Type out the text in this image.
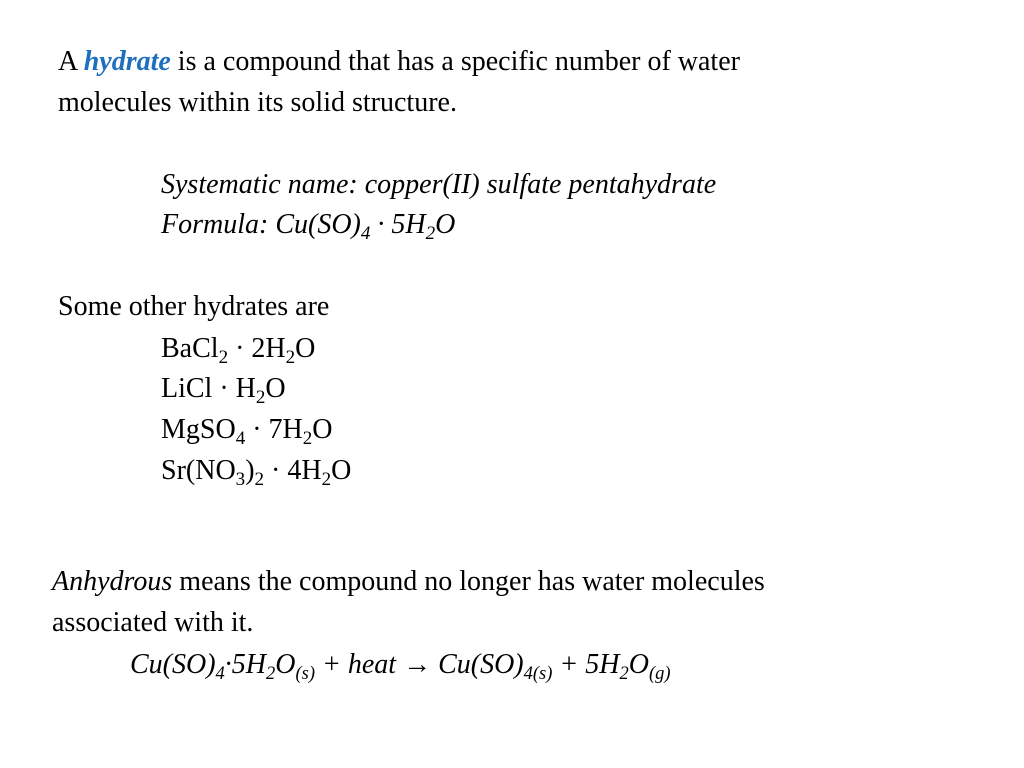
A hydrate is a compound that has a specific number of water
molecules within its solid structure.
Systematic name: copper(II) sulfate pentahydrate
Formula: $Cu(SO)_4 \cdot 5H_2O$
Some other hydrates are
BaCl$_2$ · $2H_2O$
LiCl · $H_2O$
MgSO$_4$ · $7H_2O$
$Sr(NO_3)_2 \cdot 4H_2O$
Anhydrous means the compound no longer has water molecules
associated with it.
$Cu(SO)_4\cdot 5H_2O_{(s)}$ + heat → $Cu(SO)_{4(s)} + 5H_2O_{(g)}$
